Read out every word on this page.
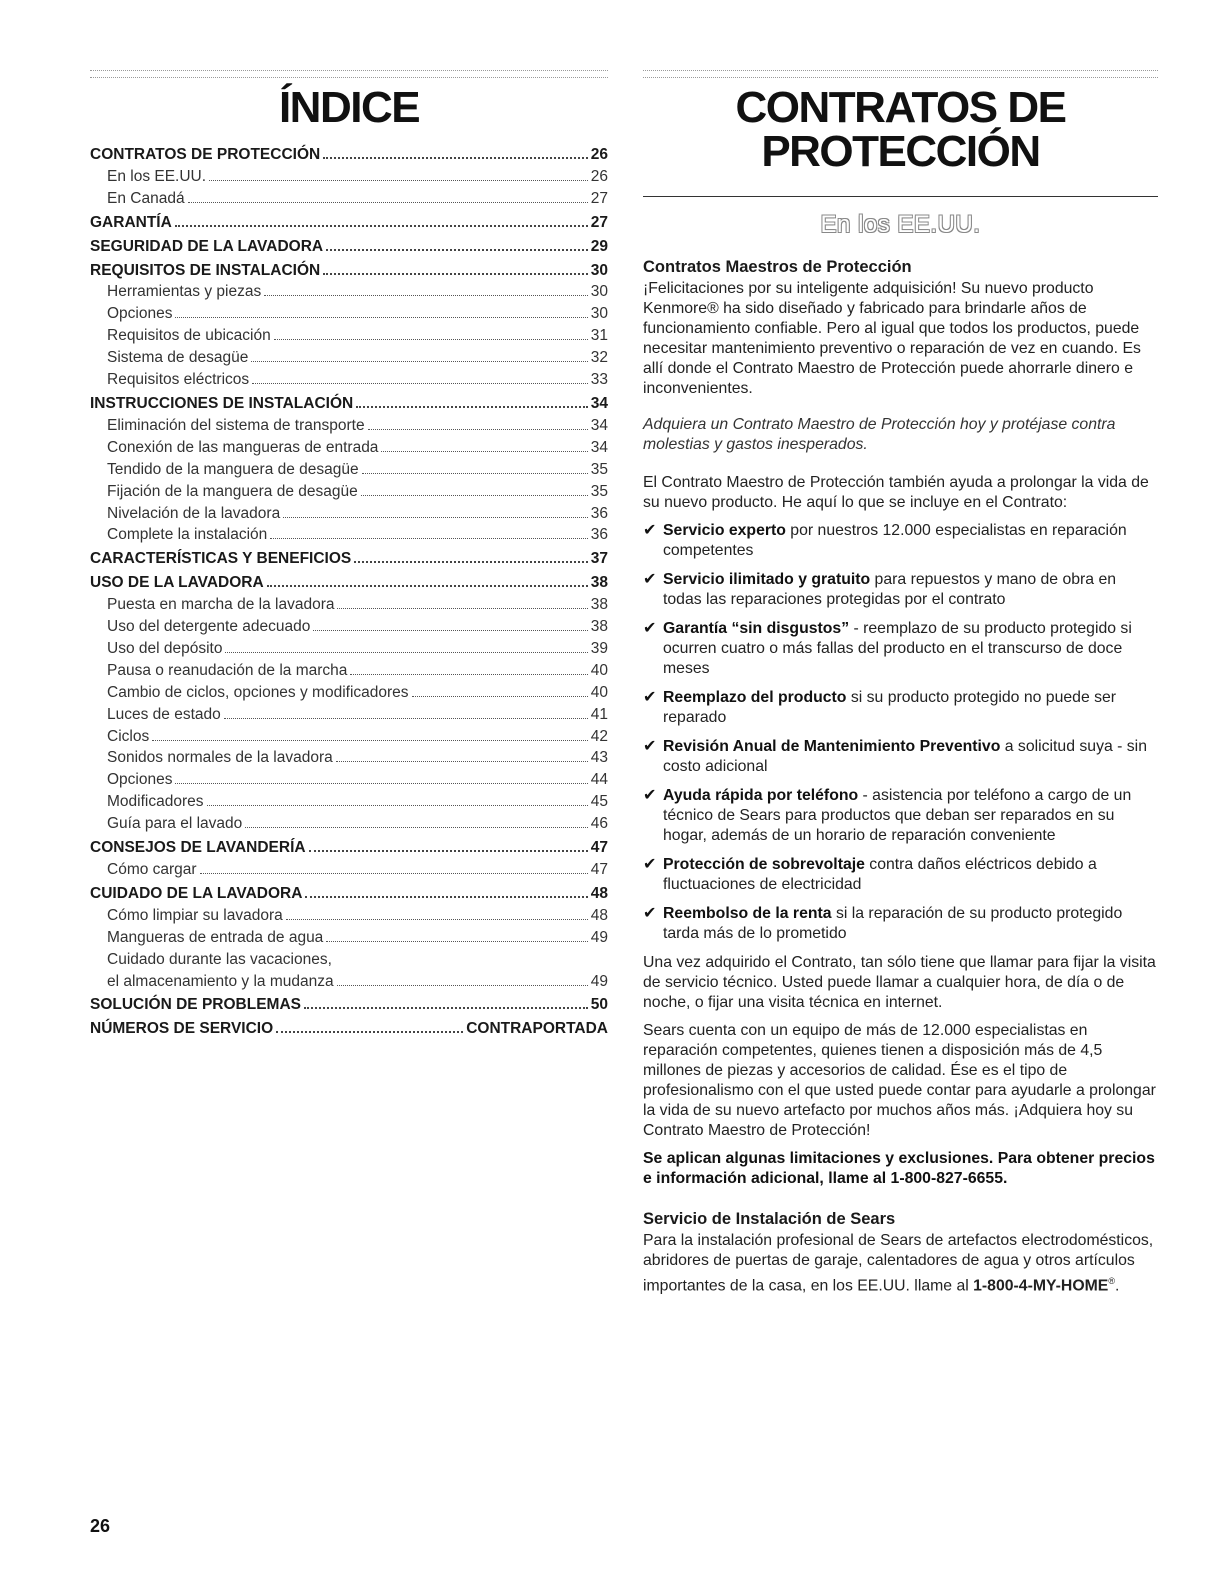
ÍNDICE
CONTRATOS DE PROTECCIÓN	26
En los EE.UU.	26
En Canadá	27
GARANTÍA	27
SEGURIDAD DE LA LAVADORA	29
REQUISITOS DE INSTALACIÓN	30
Herramientas y piezas	30
Opciones	30
Requisitos de ubicación	31
Sistema de desagüe	32
Requisitos eléctricos	33
INSTRUCCIONES DE INSTALACIÓN	34
Eliminación del sistema de transporte	34
Conexión de las mangueras de entrada	34
Tendido de la manguera de desagüe	35
Fijación de la manguera de desagüe	35
Nivelación de la lavadora	36
Complete la instalación	36
CARACTERÍSTICAS Y BENEFICIOS	37
USO DE LA LAVADORA	38
Puesta en marcha de la lavadora	38
Uso del detergente adecuado	38
Uso del depósito	39
Pausa o reanudación de la marcha	40
Cambio de ciclos, opciones y modificadores	40
Luces de estado	41
Ciclos	42
Sonidos normales de la lavadora	43
Opciones	44
Modificadores	45
Guía para el lavado	46
CONSEJOS DE LAVANDERÍA	47
Cómo cargar	47
CUIDADO DE LA LAVADORA	48
Cómo limpiar su lavadora	48
Mangueras de entrada de agua	49
Cuidado durante las vacaciones,
el almacenamiento y la mudanza	49
SOLUCIÓN DE PROBLEMAS	50
NÚMEROS DE SERVICIO	CONTRAPORTADA
CONTRATOS DE
PROTECCIÓN
En los EE.UU.
Contratos Maestros de Protección

¡Felicitaciones por su inteligente adquisición! Su nuevo producto Kenmore® ha sido diseñado y fabricado para brindarle años de funcionamiento confiable. Pero al igual que todos los productos, puede necesitar mantenimiento preventivo o reparación de vez en cuando. Es allí donde el Contrato Maestro de Protección puede ahorrarle dinero e inconvenientes.

Adquiera un Contrato Maestro de Protección hoy y protéjase contra molestias y gastos inesperados.

El Contrato Maestro de Protección también ayuda a prolongar la vida de su nuevo producto. He aquí lo que se incluye en el Contrato:

✔ Servicio experto por nuestros 12.000 especialistas en reparación competentes
✔ Servicio ilimitado y gratuito para repuestos y mano de obra en todas las reparaciones protegidas por el contrato
✔ Garantía “sin disgustos” - reemplazo de su producto protegido si ocurren cuatro o más fallas del producto en el transcurso de doce meses
✔ Reemplazo del producto si su producto protegido no puede ser reparado
✔ Revisión Anual de Mantenimiento Preventivo a solicitud suya - sin costo adicional
✔ Ayuda rápida por teléfono - asistencia por teléfono a cargo de un técnico de Sears para productos que deban ser reparados en su hogar, además de un horario de reparación conveniente
✔ Protección de sobrevoltaje contra daños eléctricos debido a fluctuaciones de electricidad
✔ Reembolso de la renta si la reparación de su producto protegido tarda más de lo prometido

Una vez adquirido el Contrato, tan sólo tiene que llamar para fijar la visita de servicio técnico. Usted puede llamar a cualquier hora, de día o de noche, o fijar una visita técnica en internet.

Sears cuenta con un equipo de más de 12.000 especialistas en reparación competentes, quienes tienen a disposición más de 4,5 millones de piezas y accesorios de calidad. Ése es el tipo de profesionalismo con el que usted puede contar para ayudarle a prolongar la vida de su nuevo artefacto por muchos años más. ¡Adquiera hoy su Contrato Maestro de Protección!

Se aplican algunas limitaciones y exclusiones. Para obtener precios e información adicional, llame al 1-800-827-6655.

Servicio de Instalación de Sears

Para la instalación profesional de Sears de artefactos electrodomésticos, abridores de puertas de garaje, calentadores de agua y otros artículos importantes de la casa, en los EE.UU. llame al 1-800-4-MY-HOME®.

26
